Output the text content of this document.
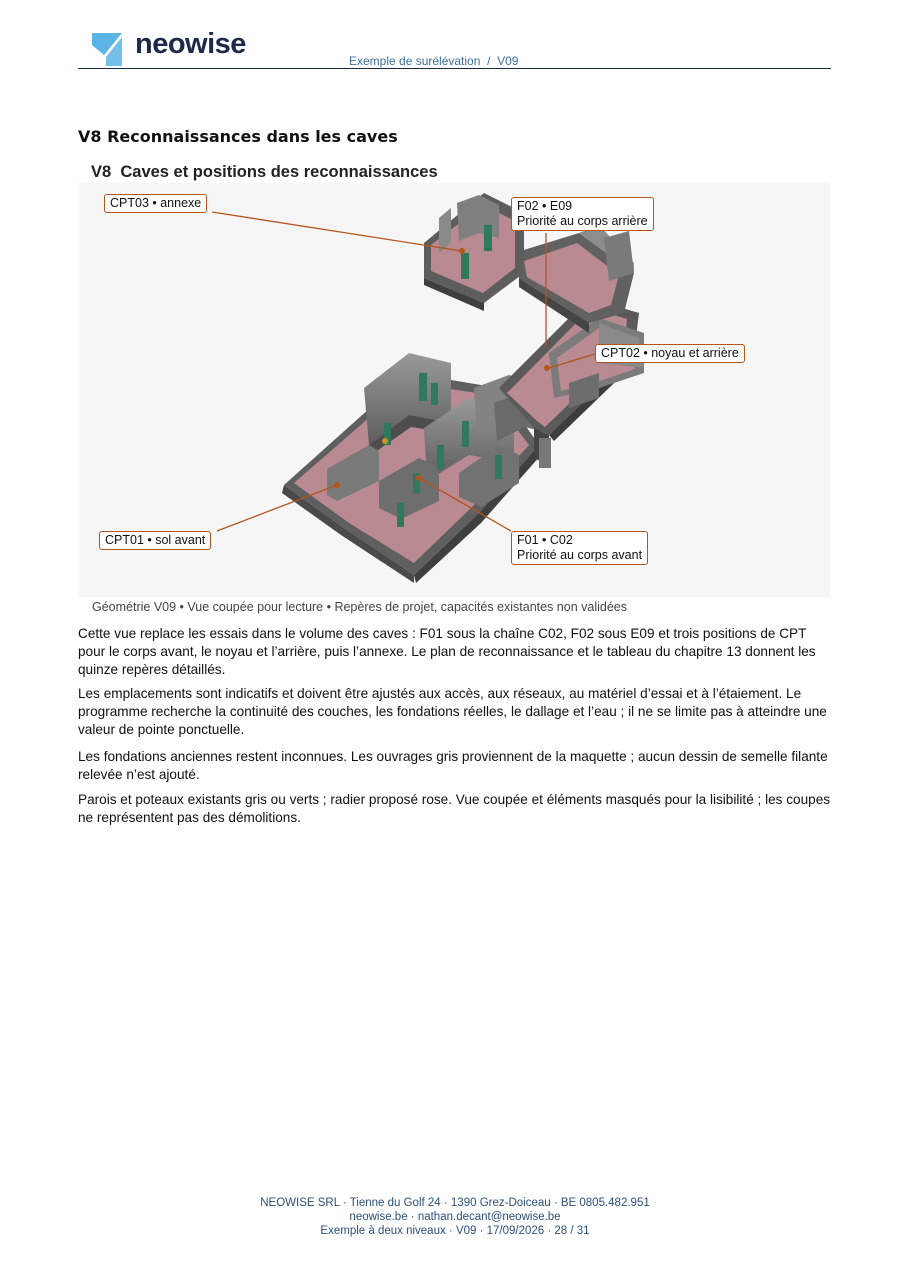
neowise
Exemple de surélévation  /  V09
V8 Reconnaissances dans les caves
V8  Caves et positions des reconnaissances
CPT03 • annexe	F02 • E09
Priorité au corps arrière
CPT02 • noyau et arrière
CPT01 • sol avant	F01 • C02
Priorité au corps avant
Géométrie V09 • Vue coupée pour lecture • Repères de projet, capacités existantes non validées

Cette vue replace les essais dans le volume des caves : F01 sous la chaîne C02, F02 sous E09 et trois positions de CPT pour le corps avant, le noyau et l’arrière, puis l’annexe. Le plan de reconnaissance et le tableau du chapitre 13 donnent les quinze repères détaillés.

Les emplacements sont indicatifs et doivent être ajustés aux accès, aux réseaux, au matériel d’essai et à l’étaiement. Le programme recherche la continuité des couches, les fondations réelles, le dallage et l’eau ; il ne se limite pas à atteindre une valeur de pointe ponctuelle.

Les fondations anciennes restent inconnues. Les ouvrages gris proviennent de la maquette ; aucun dessin de semelle filante relevée n’est ajouté.

Parois et poteaux existants gris ou verts ; radier proposé rose. Vue coupée et éléments masqués pour la lisibilité ; les coupes ne représentent pas des démolitions.

NEOWISE SRL · Tienne du Golf 24 · 1390 Grez-Doiceau · BE 0805.482.951
neowise.be · nathan.decant@neowise.be
Exemple à deux niveaux · V09 · 17/09/2026 · 28 / 31
